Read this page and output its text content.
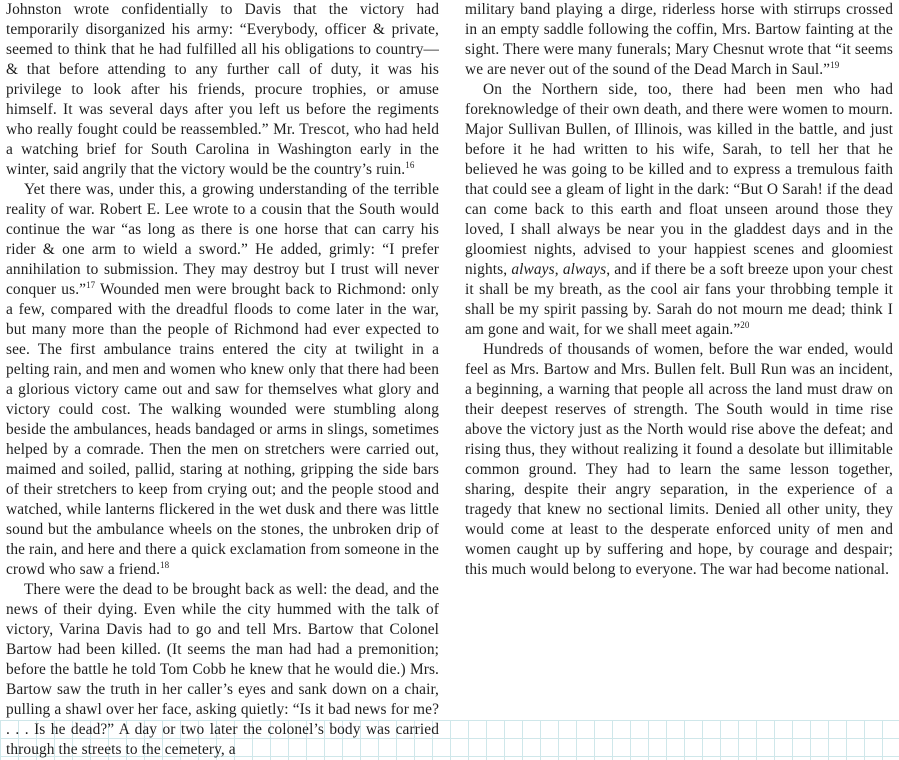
Johnston wrote confidentially to Davis that the victory had temporarily disorganized his army: “Everybody, officer & private, seemed to think that he had fulfilled all his obligations to country—& that before attending to any further call of duty, it was his privilege to look after his friends, procure trophies, or amuse himself. It was several days after you left us before the regiments who really fought could be reassembled.” Mr. Trescot, who had held a watching brief for South Carolina in Washington early in the winter, said angrily that the victory would be the country’s ruin.$^{16}$

Yet there was, under this, a growing understanding of the terrible reality of war. Robert E. Lee wrote to a cousin that the South would continue the war “as long as there is one horse that can carry his rider & one arm to wield a sword.” He added, grimly: “I prefer annihilation to submission. They may destroy but I trust will never conquer us.”$^{17}$ Wounded men were brought back to Richmond: only a few, compared with the dreadful floods to come later in the war, but many more than the people of Richmond had ever expected to see. The first ambulance trains entered the city at twilight in a pelting rain, and men and women who knew only that there had been a glorious victory came out and saw for themselves what glory and victory could cost. The walking wounded were stumbling along beside the ambulances, heads bandaged or arms in slings, sometimes helped by a comrade. Then the men on stretchers were carried out, maimed and soiled, pallid, staring at nothing, gripping the side bars of their stretchers to keep from crying out; and the people stood and watched, while lanterns flickered in the wet dusk and there was little sound but the ambulance wheels on the stones, the unbroken drip of the rain, and here and there a quick exclamation from someone in the crowd who saw a friend.$^{18}$

There were the dead to be brought back as well: the dead, and the news of their dying. Even while the city hummed with the talk of victory, Varina Davis had to go and tell Mrs. Bartow that Colonel Bartow had been killed. (It seems the man had had a premonition; before the battle he told Tom Cobb he knew that he would die.) Mrs. Bartow saw the truth in her caller’s eyes and sank down on a chair, pulling a shawl over her face, asking quietly: “Is it bad news for me? . . . Is he dead?” A day or two later the colonel’s body was carried through the streets to the cemetery, a

military band playing a dirge, riderless horse with stirrups crossed in an empty saddle following the coffin, Mrs. Bartow fainting at the sight. There were many funerals; Mary Chesnut wrote that “it seems we are never out of the sound of the Dead March in Saul.”$^{19}$

On the Northern side, too, there had been men who had foreknowledge of their own death, and there were women to mourn. Major Sullivan Bullen, of Illinois, was killed in the battle, and just before it he had written to his wife, Sarah, to tell her that he believed he was going to be killed and to express a tremulous faith that could see a gleam of light in the dark: “But O Sarah! if the dead can come back to this earth and float unseen around those they loved, I shall always be near you in the gladdest days and in the gloomiest nights, advised to your happiest scenes and gloomiest nights, always, always, and if there be a soft breeze upon your chest it shall be my breath, as the cool air fans your throbbing temple it shall be my spirit passing by. Sarah do not mourn me dead; think I am gone and wait, for we shall meet again.”$^{20}$

Hundreds of thousands of women, before the war ended, would feel as Mrs. Bartow and Mrs. Bullen felt. Bull Run was an incident, a beginning, a warning that people all across the land must draw on their deepest reserves of strength. The South would in time rise above the victory just as the North would rise above the defeat; and rising thus, they without realizing it found a desolate but illimitable common ground. They had to learn the same lesson together, sharing, despite their angry separation, in the experience of a tragedy that knew no sectional limits. Denied all other unity, they would come at least to the desperate enforced unity of men and women caught up by suffering and hope, by courage and despair; this much would belong to everyone. The war had become national.
